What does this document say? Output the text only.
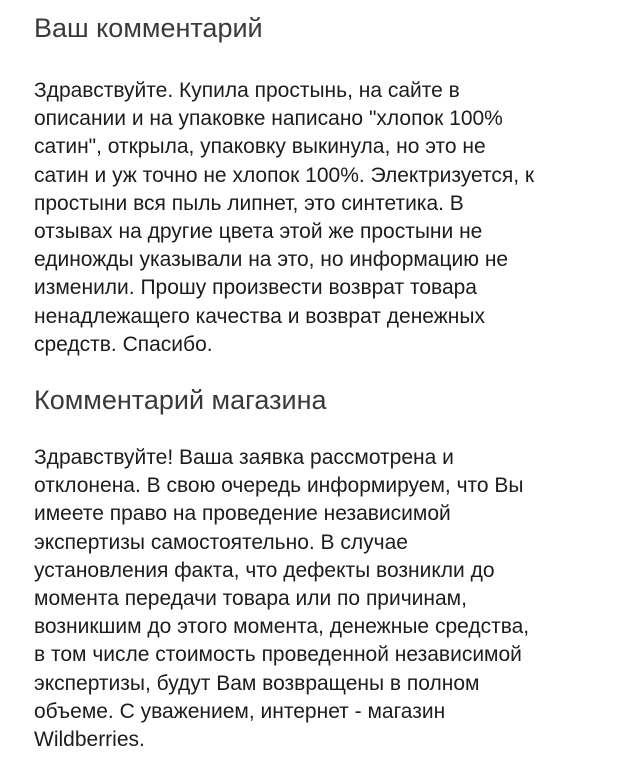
Ваш комментарий
Здравствуйте. Купила простынь, на сайте в
описании и на упаковке написано "хлопок 100%
сатин", открыла, упаковку выкинула, но это не
сатин и уж точно не хлопок 100%. Электризуется, к
простыни вся пыль липнет, это синтетика. В
отзывах на другие цвета этой же простыни не
единожды указывали на это, но информацию не
изменили. Прошу произвести возврат товара
ненадлежащего качества и возврат денежных
средств. Спасибо.
Комментарий магазина
Здравствуйте! Ваша заявка рассмотрена и
отклонена. В свою очередь информируем, что Вы
имеете право на проведение независимой
экспертизы самостоятельно. В случае
установления факта, что дефекты возникли до
момента передачи товара или по причинам,
возникшим до этого момента, денежные средства,
в том числе стоимость проведенной независимой
экспертизы, будут Вам возвращены в полном
объеме. С уважением, интернет - магазин
Wildberries.
